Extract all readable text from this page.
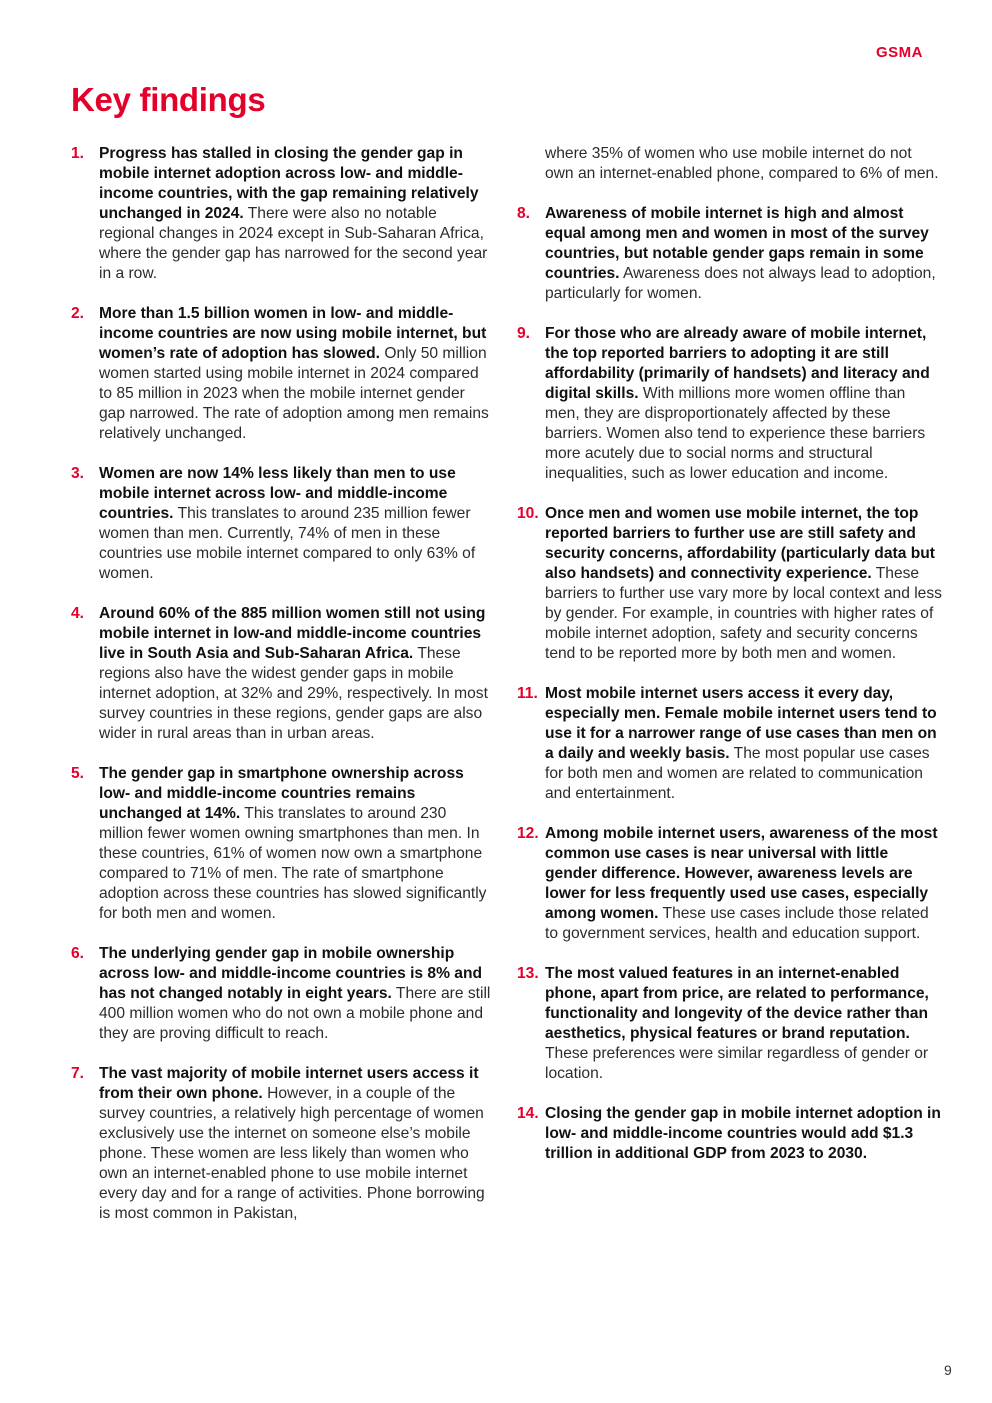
GSMA
Key findings
1. Progress has stalled in closing the gender gap in mobile internet adoption across low- and middle-income countries, with the gap remaining relatively unchanged in 2024. There were also no notable regional changes in 2024 except in Sub-Saharan Africa, where the gender gap has narrowed for the second year in a row.
2. More than 1.5 billion women in low- and middle-income countries are now using mobile internet, but women’s rate of adoption has slowed. Only 50 million women started using mobile internet in 2024 compared to 85 million in 2023 when the mobile internet gender gap narrowed. The rate of adoption among men remains relatively unchanged.
3. Women are now 14% less likely than men to use mobile internet across low- and middle-income countries. This translates to around 235 million fewer women than men. Currently, 74% of men in these countries use mobile internet compared to only 63% of women.
4. Around 60% of the 885 million women still not using mobile internet in low-and middle-income countries live in South Asia and Sub-Saharan Africa. These regions also have the widest gender gaps in mobile internet adoption, at 32% and 29%, respectively. In most survey countries in these regions, gender gaps are also wider in rural areas than in urban areas.
5. The gender gap in smartphone ownership across low- and middle-income countries remains unchanged at 14%. This translates to around 230 million fewer women owning smartphones than men. In these countries, 61% of women now own a smartphone compared to 71% of men. The rate of smartphone adoption across these countries has slowed significantly for both men and women.
6. The underlying gender gap in mobile ownership across low- and middle-income countries is 8% and has not changed notably in eight years. There are still 400 million women who do not own a mobile phone and they are proving difficult to reach.
7. The vast majority of mobile internet users access it from their own phone. However, in a couple of the survey countries, a relatively high percentage of women exclusively use the internet on someone else’s mobile phone. These women are less likely than women who own an internet-enabled phone to use mobile internet every day and for a range of activities. Phone borrowing is most common in Pakistan,
where 35% of women who use mobile internet do not own an internet-enabled phone, compared to 6% of men.
8. Awareness of mobile internet is high and almost equal among men and women in most of the survey countries, but notable gender gaps remain in some countries. Awareness does not always lead to adoption, particularly for women.
9. For those who are already aware of mobile internet, the top reported barriers to adopting it are still affordability (primarily of handsets) and literacy and digital skills. With millions more women offline than men, they are disproportionately affected by these barriers. Women also tend to experience these barriers more acutely due to social norms and structural inequalities, such as lower education and income.
10. Once men and women use mobile internet, the top reported barriers to further use are still safety and security concerns, affordability (particularly data but also handsets) and connectivity experience. These barriers to further use vary more by local context and less by gender. For example, in countries with higher rates of mobile internet adoption, safety and security concerns tend to be reported more by both men and women.
11. Most mobile internet users access it every day, especially men. Female mobile internet users tend to use it for a narrower range of use cases than men on a daily and weekly basis. The most popular use cases for both men and women are related to communication and entertainment.
12. Among mobile internet users, awareness of the most common use cases is near universal with little gender difference. However, awareness levels are lower for less frequently used use cases, especially among women. These use cases include those related to government services, health and education support.
13. The most valued features in an internet-enabled phone, apart from price, are related to performance, functionality and longevity of the device rather than aesthetics, physical features or brand reputation. These preferences were similar regardless of gender or location.
14. Closing the gender gap in mobile internet adoption in low- and middle-income countries would add $1.3 trillion in additional GDP from 2023 to 2030.
9
